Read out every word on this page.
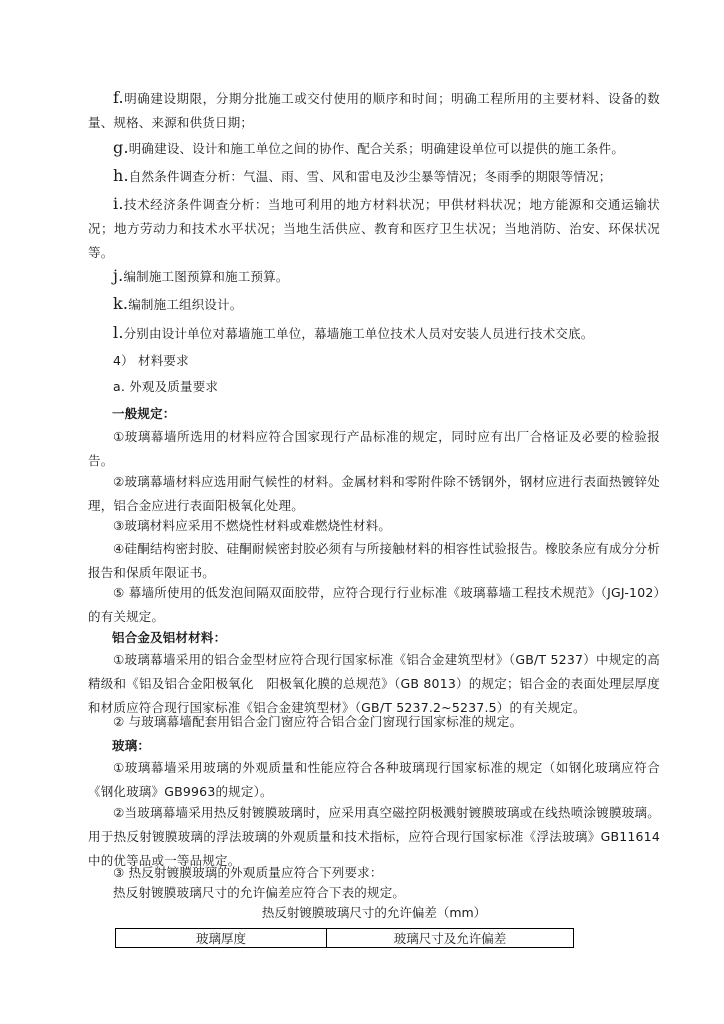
f.明确建设期限，分期分批施工或交付使用的顺序和时间；明确工程所用的主要材料、设备的数量、规格、来源和供货日期；

g.明确建设、设计和施工单位之间的协作、配合关系；明确建设单位可以提供的施工条件。

h.自然条件调查分析：气温、雨、雪、风和雷电及沙尘暴等情况；冬雨季的期限等情况；

i.技术经济条件调查分析：当地可利用的地方材料状况；甲供材料状况；地方能源和交通运输状况；地方劳动力和技术水平状况；当地生活供应、教育和医疗卫生状况；当地消防、治安、环保状况等。

j.编制施工图预算和施工预算。

k.编制施工组织设计。

l.分别由设计单位对幕墙施工单位，幕墙施工单位技术人员对安装人员进行技术交底。

4） 材料要求

a. 外观及质量要求

一般规定：

①玻璃幕墙所选用的材料应符合国家现行产品标准的规定，同时应有出厂合格证及必要的检验报告。

②玻璃幕墙材料应选用耐气候性的材料。金属材料和零附件除不锈钢外，钢材应进行表面热镀锌处理，铝合金应进行表面阳极氧化处理。

③玻璃材料应采用不燃烧性材料或难燃烧性材料。

④硅酮结构密封胶、硅酮耐候密封胶必须有与所接触材料的相容性试验报告。橡胶条应有成分分析报告和保质年限证书。

⑤ 幕墙所使用的低发泡间隔双面胶带，应符合现行行业标准《玻璃幕墙工程技术规范》（JGJ-102）的有关规定。

铝合金及铝材材料：

①玻璃幕墙采用的铝合金型材应符合现行国家标准《铝合金建筑型材》（GB/T 5237）中规定的高精级和《铝及铝合金阳极氧化　阳极氧化膜的总规范》（GB 8013）的规定；铝合金的表面处理层厚度和材质应符合现行国家标准《铝合金建筑型材》（GB/T 5237.2~5237.5）的有关规定。

② 与玻璃幕墙配套用铝合金门窗应符合铝合金门窗现行国家标准的规定。

玻璃：

①玻璃幕墙采用玻璃的外观质量和性能应符合各种玻璃现行国家标准的规定（如钢化玻璃应符合《钢化玻璃》GB9963的规定）。

②当玻璃幕墙采用热反射镀膜玻璃时，应采用真空磁控阴极溅射镀膜玻璃或在线热喷涂镀膜玻璃。用于热反射镀膜玻璃的浮法玻璃的外观质量和技术指标，应符合现行国家标准《浮法玻璃》GB11614中的优等品或一等品规定。

③ 热反射镀膜玻璃的外观质量应符合下列要求：

热反射镀膜玻璃尺寸的允许偏差应符合下表的规定。

热反射镀膜玻璃尺寸的允许偏差（mm）
玻璃厚度	玻璃尺寸及允许偏差
